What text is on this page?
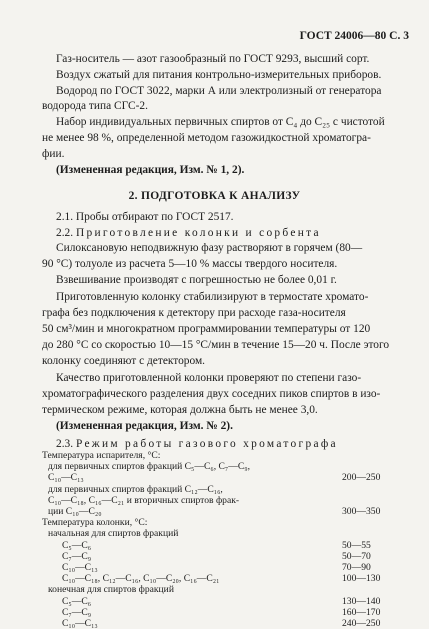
ГОСТ 24006—80 С. 3
Газ-носитель — азот газообразный по ГОСТ 9293, высший сорт.
Воздух сжатый для питания контрольно-измерительных приборов.
Водород по ГОСТ 3022, марки А или электролизный от генератора
водорода типа СГС-2.
Набор индивидуальных первичных спиртов от C₄ до C₂₅ с чистотой
не менее 98 %, определенной методом газожидкостной хроматогра-
фии.
(Измененная редакция, Изм. № 1, 2).
2. ПОДГОТОВКА К АНАЛИЗУ
2.1. Пробы отбирают по ГОСТ 2517.
2.2. Приготовление колонки и сорбента
Силоксановую неподвижную фазу растворяют в горячем (80—
90 °С) толуоле из расчета 5—10 % массы твердого носителя.
Взвешивание производят с погрешностью не более 0,01 г.
Приготовленную колонку стабилизируют в термостате хромато-
графа без подключения к детектору при расходе газа-носителя
50 см³/мин и многократном программировании температуры от 120
до 280 °С со скоростью 10—15 °С/мин в течение 15—20 ч. После этого
колонку соединяют с детектором.
Качество приготовленной колонки проверяют по степени газо-
хроматографического разделения двух соседних пиков спиртов в изо-
термическом режиме, которая должна быть не менее 3,0.
(Измененная редакция, Изм. № 2).
2.3. Режим работы газового хроматографа
Температура испарителя, °С:
для первичных спиртов фракций C₅—C₆, C₇—C₉,
C₁₀—C₁₃	200—250
для первичных спиртов фракций C₁₂—C₁₆,
C₁₀—C₁₈, C₁₆—C₂₁ и вторичных спиртов фрак-
ции C₁₀—C₂₀	300—350
Температура колонки, °С:
начальная для спиртов фракций
C₅—C₆	50—55
C₇—C₉	50—70
C₁₀—C₁₃	70—90
C₁₀—C₁₈, C₁₂—C₁₆, C₁₀—C₂₀, C₁₆—C₂₁	100—130
конечная для спиртов фракций
C₅—C₆	130—140
C₇—C₉	160—170
C₁₀—C₁₃	240—250
